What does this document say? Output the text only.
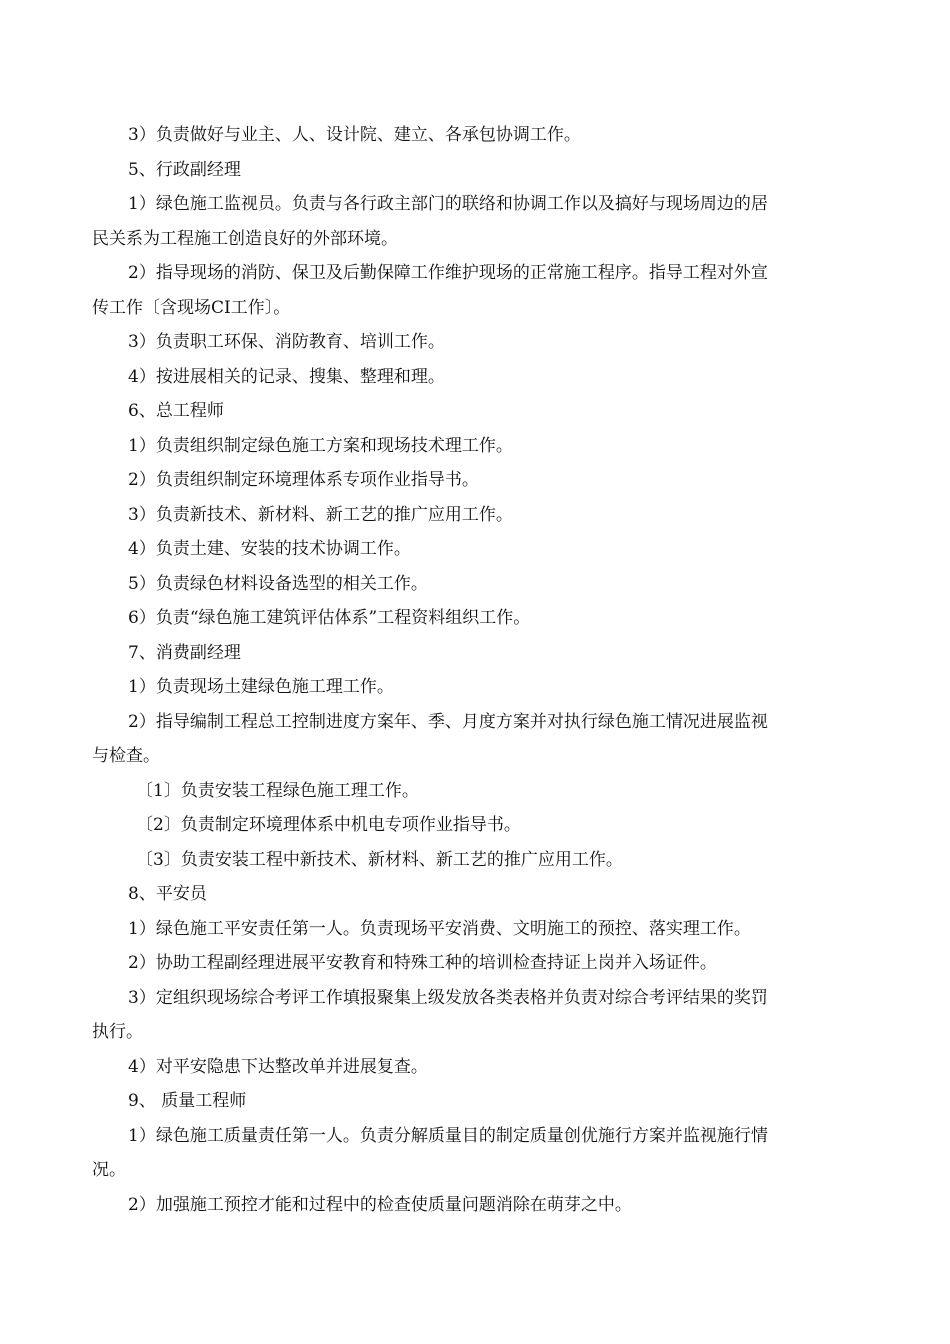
3）负责做好与业主、人、设计院、建立、各承包协调工作。
5、行政副经理
1）绿色施工监视员。负责与各行政主部门的联络和协调工作以及搞好与现场周边的居
民关系为工程施工创造良好的外部环境。
2）指导现场的消防、保卫及后勤保障工作维护现场的正常施工程序。指导工程对外宣
传工作〔含现场CI工作〕。
3）负责职工环保、消防教育、培训工作。
4）按进展相关的记录、搜集、整理和理。
6、总工程师
1）负责组织制定绿色施工方案和现场技术理工作。
2）负责组织制定环境理体系专项作业指导书。
3）负责新技术、新材料、新工艺的推广应用工作。
4）负责土建、安装的技术协调工作。
5）负责绿色材料设备选型的相关工作。
6）负责“绿色施工建筑评估体系”工程资料组织工作。
7、消费副经理
1）负责现场土建绿色施工理工作。
2）指导编制工程总工控制进度方案年、季、月度方案并对执行绿色施工情况进展监视
与检查。
〔1〕负责安装工程绿色施工理工作。
〔2〕负责制定环境理体系中机电专项作业指导书。
〔3〕负责安装工程中新技术、新材料、新工艺的推广应用工作。
8、平安员
1）绿色施工平安责任第一人。负责现场平安消费、文明施工的预控、落实理工作。
2）协助工程副经理进展平安教育和特殊工种的培训检查持证上岗并入场证件。
3）定组织现场综合考评工作填报聚集上级发放各类表格并负责对综合考评结果的奖罚
执行。
4）对平安隐患下达整改单并进展复查。
9、 质量工程师
1）绿色施工质量责任第一人。负责分解质量目的制定质量创优施行方案并监视施行情
况。
2）加强施工预控才能和过程中的检查使质量问题消除在萌芽之中。
